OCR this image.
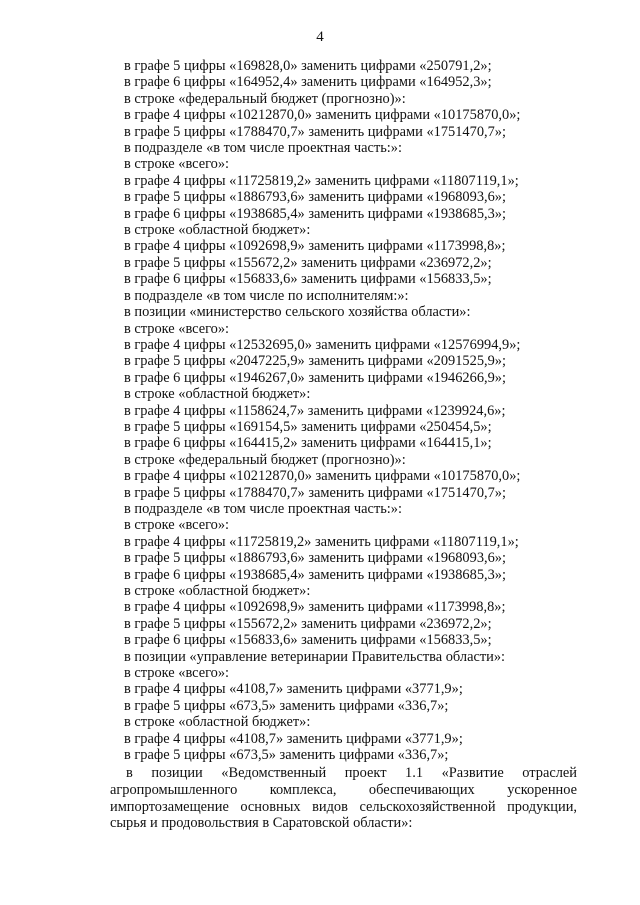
4
в графе 5 цифры «169828,0» заменить цифрами «250791,2»;
в графе 6 цифры «164952,4» заменить цифрами «164952,3»;
в строке «федеральный бюджет (прогнозно)»:
в графе 4 цифры «10212870,0» заменить цифрами «10175870,0»;
в графе 5 цифры «1788470,7» заменить цифрами «1751470,7»;
в подразделе «в том числе проектная часть:»:
в строке «всего»:
в графе 4 цифры «11725819,2» заменить цифрами «11807119,1»;
в графе 5 цифры «1886793,6» заменить цифрами «1968093,6»;
в графе 6 цифры «1938685,4» заменить цифрами «1938685,3»;
в строке «областной бюджет»:
в графе 4 цифры «1092698,9» заменить цифрами «1173998,8»;
в графе 5 цифры «155672,2» заменить цифрами «236972,2»;
в графе 6 цифры «156833,6» заменить цифрами «156833,5»;
в подразделе «в том числе по исполнителям:»:
в позиции «министерство сельского хозяйства области»:
в строке «всего»:
в графе 4 цифры «12532695,0» заменить цифрами «12576994,9»;
в графе 5 цифры «2047225,9» заменить цифрами «2091525,9»;
в графе 6 цифры «1946267,0» заменить цифрами «1946266,9»;
в строке «областной бюджет»:
в графе 4 цифры «1158624,7» заменить цифрами «1239924,6»;
в графе 5 цифры «169154,5» заменить цифрами «250454,5»;
в графе 6 цифры «164415,2» заменить цифрами «164415,1»;
в строке «федеральный бюджет (прогнозно)»:
в графе 4 цифры «10212870,0» заменить цифрами «10175870,0»;
в графе 5 цифры «1788470,7» заменить цифрами «1751470,7»;
в подразделе «в том числе проектная часть:»:
в строке «всего»:
в графе 4 цифры «11725819,2» заменить цифрами «11807119,1»;
в графе 5 цифры «1886793,6» заменить цифрами «1968093,6»;
в графе 6 цифры «1938685,4» заменить цифрами «1938685,3»;
в строке «областной бюджет»:
в графе 4 цифры «1092698,9» заменить цифрами «1173998,8»;
в графе 5 цифры «155672,2» заменить цифрами «236972,2»;
в графе 6 цифры «156833,6» заменить цифрами «156833,5»;
в позиции «управление ветеринарии Правительства области»:
в строке «всего»:
в графе 4 цифры «4108,7» заменить цифрами «3771,9»;
в графе 5 цифры «673,5» заменить цифрами «336,7»;
в строке «областной бюджет»:
в графе 4 цифры «4108,7» заменить цифрами «3771,9»;
в графе 5 цифры «673,5» заменить цифрами «336,7»;

в позиции «Ведомственный проект 1.1 «Развитие отраслей агропромышленного комплекса, обеспечивающих ускоренное импортозамещение основных видов сельскохозяйственной продукции, сырья и продовольствия в Саратовской области»:
